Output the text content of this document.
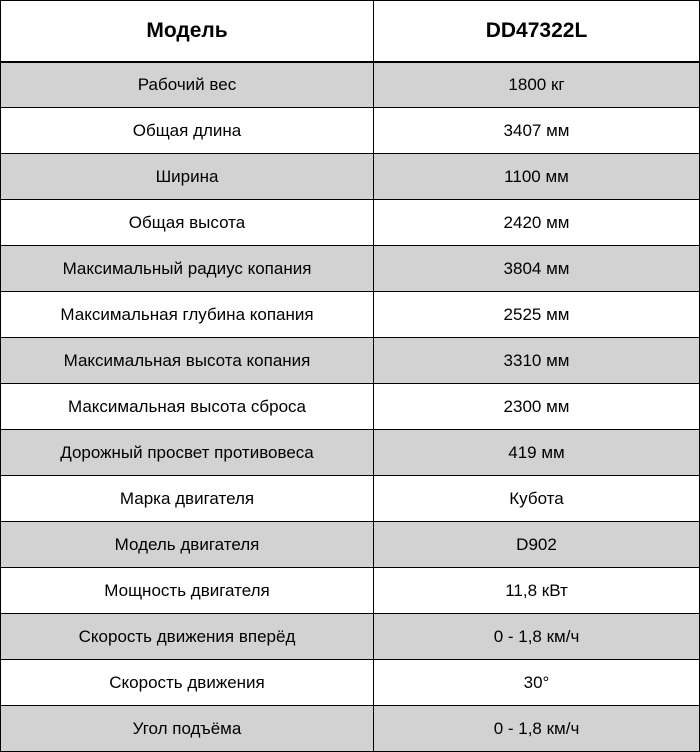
Модель	DD47322L
Рабочий вес	1800 кг
Общая длина	3407 мм
Ширина	1100 мм
Общая высота	2420 мм
Максимальный радиус копания	3804 мм
Максимальная глубина копания	2525 мм
Максимальная высота копания	3310 мм
Максимальная высота сброса	2300 мм
Дорожный просвет противовеса	419 мм
Марка двигателя	Кубота
Модель двигателя	D902
Мощность двигателя	11,8 кВт
Скорость движения вперёд	0 - 1,8 км/ч
Скорость движения	30°
Угол подъёма	0 - 1,8 км/ч
